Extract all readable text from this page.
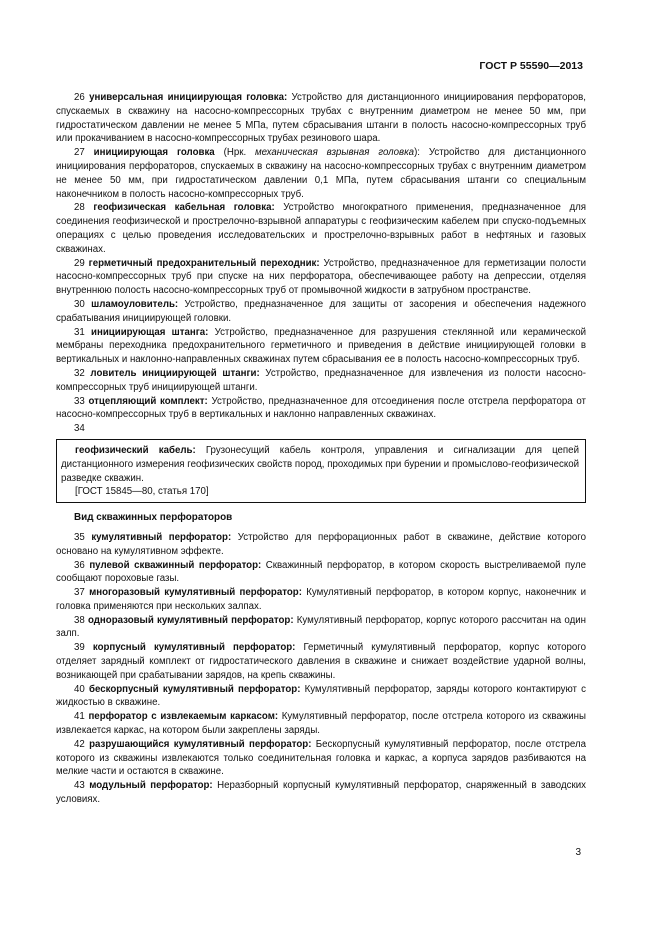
ГОСТ Р 55590—2013

26 универсальная инициирующая головка: Устройство для дистанционного инициирования перфораторов, спускаемых в скважину на насосно-компрессорных трубах с внутренним диаметром не менее 50 мм, при гидростатическом давлении не менее 5 МПа, путем сбрасывания штанги в полость насосно-компрессорных труб или прокачиванием в насосно-компрессорных трубах резинового шара.

27 инициирующая головка (Нрк. механическая взрывная головка): Устройство для дистанционного инициирования перфораторов, спускаемых в скважину на насосно-компрессорных трубах с внутренним диаметром не менее 50 мм, при гидростатическом давлении 0,1 МПа, путем сбрасывания штанги со специальным наконечником в полость насосно-компрессорных труб.

28 геофизическая кабельная головка: Устройство многократного применения, предназначенное для соединения геофизической и прострелочно-взрывной аппаратуры с геофизическим кабелем при спуско-подъемных операциях с целью проведения исследовательских и прострелочно-взрывных работ в нефтяных и газовых скважинах.

29 герметичный предохранительный переходник: Устройство, предназначенное для герметизации полости насосно-компрессорных труб при спуске на них перфоратора, обеспечивающее работу на депрессии, отделяя внутреннюю полость насосно-компрессорных труб от промывочной жидкости в затрубном пространстве.

30 шламоуловитель: Устройство, предназначенное для защиты от засорения и обеспечения надежного срабатывания инициирующей головки.

31 инициирующая штанга: Устройство, предназначенное для разрушения стеклянной или керамической мембраны переходника предохранительного герметичного и приведения в действие инициирующей головки в вертикальных и наклонно-направленных скважинах путем сбрасывания ее в полость насосно-компрессорных труб.

32 ловитель инициирующей штанги: Устройство, предназначенное для извлечения из полости насосно-компрессорных труб инициирующей штанги.

33 отцепляющий комплект: Устройство, предназначенное для отсоединения после отстрела перфоратора от насосно-компрессорных труб в вертикальных и наклонно направленных скважинах.

34

геофизический кабель: Грузонесущий кабель контроля, управления и сигнализации для цепей дистанционного измерения геофизических свойств пород, проходимых при бурении и промыслово-геофизической разведке скважин.

[ГОСТ 15845—80, статья 170]

Вид скважинных перфораторов

35 кумулятивный перфоратор: Устройство для перфорационных работ в скважине, действие которого основано на кумулятивном эффекте.

36 пулевой скважинный перфоратор: Скважинный перфоратор, в котором скорость выстреливаемой пуле сообщают пороховые газы.

37 многоразовый кумулятивный перфоратор: Кумулятивный перфоратор, в котором корпус, наконечник и головка применяются при нескольких залпах.

38 одноразовый кумулятивный перфоратор: Кумулятивный перфоратор, корпус которого рассчитан на один залп.

39 корпусный кумулятивный перфоратор: Герметичный кумулятивный перфоратор, корпус которого отделяет зарядный комплект от гидростатического давления в скважине и снижает воздействие ударной волны, возникающей при срабатывании зарядов, на крепь скважины.

40 бескорпусный кумулятивный перфоратор: Кумулятивный перфоратор, заряды которого контактируют с жидкостью в скважине.

41 перфоратор с извлекаемым каркасом: Кумулятивный перфоратор, после отстрела которого из скважины извлекается каркас, на котором были закреплены заряды.

42 разрушающийся кумулятивный перфоратор: Бескорпусный кумулятивный перфоратор, после отстрела которого из скважины извлекаются только соединительная головка и каркас, а корпуса зарядов разбиваются на мелкие части и остаются в скважине.

43 модульный перфоратор: Неразборный корпусный кумулятивный перфоратор, снаряженный в заводских условиях.

3
